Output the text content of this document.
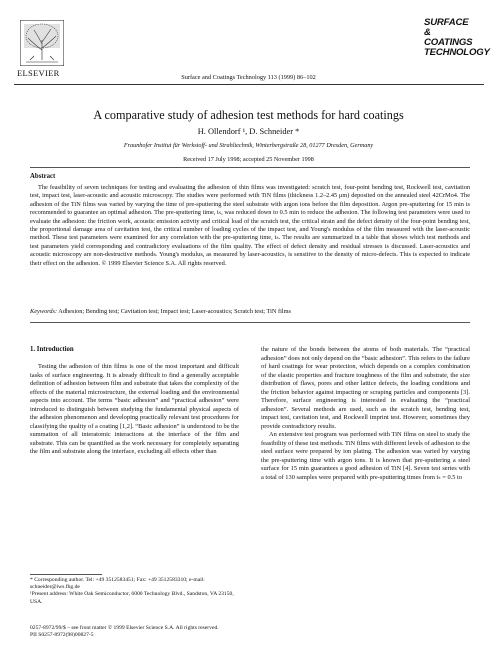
ELSEVIER	Surface and Coatings Technology 113 (1999) 86–102
SURFACE
& COATINGS
TECHNOLOGY
A comparative study of adhesion test methods for hard coatings
H. Ollendorf ¹, D. Schneider *
Fraunhofer Institut für Werkstoff- und Strahltechnik, Winterbergstraße 28, 01277 Dresden, Germany
Received 17 July 1998; accepted 25 November 1998
Abstract
The feasibility of seven techniques for testing and evaluating the adhesion of thin films was investigated: scratch test, four-point bending test, Rockwell test, cavitation test, impact test, laser-acoustic and acoustic microscopy. The studies were performed with TiN films (thickness 1.2–2.45 μm) deposited on the annealed steel 42CrMo4. The adhesion of the TiN films was varied by varying the time of pre-sputtering the steel substrate with argon ions before the film deposition. Argon pre-sputtering for 15 min is recommended to guarantee an optimal adhesion. The pre-sputtering time, tₛ, was reduced down to 0.5 min to reduce the adhesion. The following test parameters were used to evaluate the adhesion: the friction work, acoustic emission activity and critical load of the scratch test, the critical strain and the defect density of the four-point bending test, the proportional damage area of cavitation test, the critical number of loading cycles of the impact test, and Young's modulus of the film measured with the laser-acoustic method. These test parameters were examined for any correlation with the pre-sputtering time, tₛ. The results are summarized in a table that shows which test methods and test parameters yield corresponding and contradictory evaluations of the film quality. The effect of defect density and residual stresses is discussed. Laser-acoustics and acoustic microscopy are non-destructive methods. Young's modulus, as measured by laser-acoustics, is sensitive to the density of micro-defects. This is expected to indicate their effect on the adhesion. © 1999 Elsevier Science S.A. All rights reserved.
Keywords: Adhesion; Bending test; Cavitation test; Impact test; Laser-acoustics; Scratch test; TiN films
1. Introduction

Testing the adhesion of thin films is one of the most important and difficult tasks of surface engineering. It is already difficult to find a generally acceptable definition of adhesion between film and substrate that takes the complexity of the effects of the material microstructure, the external loading and the environmental aspects into account. The terms “basic adhesion” and “practical adhesion” were introduced to distinguish between studying the fundamental physical aspects of the adhesion phenomenon and developing practically relevant test procedures for classifying the quality of a coating [1,2]. “Basic adhesion” is understood to be the summation of all interatomic interactions at the interface of the film and substrate. This can be quantified as the work necessary for completely separating the film and substrate along the interface, excluding all effects other than

the nature of the bonds between the atoms of both materials. The “practical adhesion” does not only depend on the “basic adhesion”. This refers to the failure of hard coatings for wear protection, which depends on a complex combination of the elastic properties and fracture toughness of the film and substrate, the size distribution of flaws, pores and other lattice defects, the loading conditions and the friction behavior against impacting or scraping particles and components [3]. Therefore, surface engineering is interested in evaluating the “practical adhesion”. Several methods are used, such as the scratch test, bending test, impact test, cavitation test, and Rockwell imprint test. However, sometimes they provide contradictory results.

An extensive test program was performed with TiN films on steel to study the feasibility of these test methods. TiN films with different levels of adhesion to the steel surface were prepared by ion plating. The adhesion was varied by varying the pre-sputtering time with argon ions. It is known that pre-sputtering a steel surface for 15 min guarantees a good adhesion of TiN [4]. Seven test series with a total of 130 samples were prepared with pre-sputtering times from tₛ = 0.5 to

* Corresponding author. Tel: +49 3512583451; Fax: +49 3512583310; e-mail: schneider@iws.fhg.de

¹Present address: White Oak Semiconductor, 6000 Technology Blvd., Sandston, VA 23150, USA.

0257-8972/99/$ – see front matter © 1999 Elsevier Science S.A. All rights reserved.
PII S0257-8972(98)00827-5
